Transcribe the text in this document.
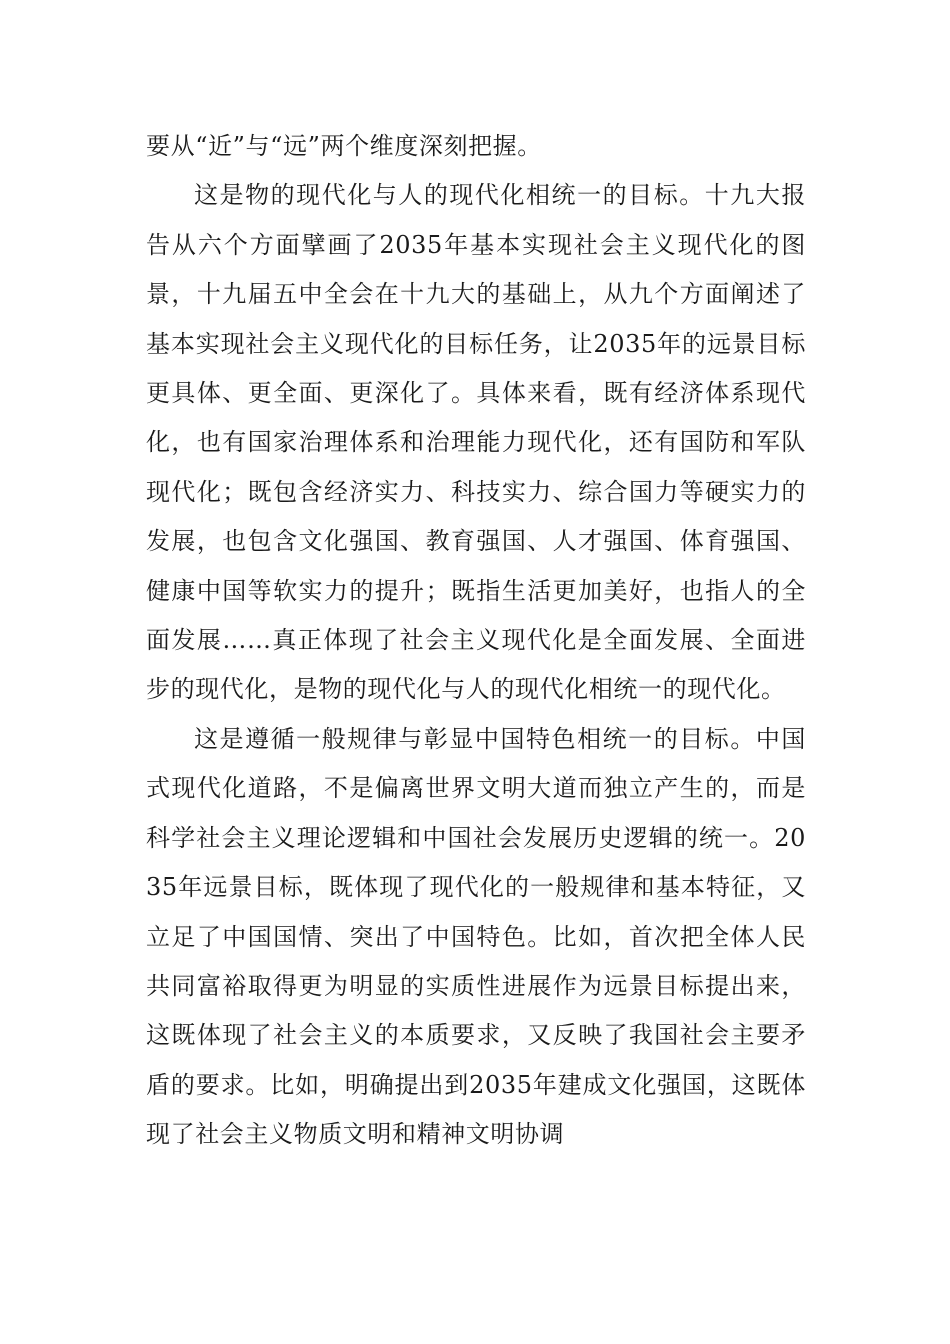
要从“近”与“远”两个维度深刻把握。

这是物的现代化与人的现代化相统一的目标。十九大报告从六个方面擘画了2035年基本实现社会主义现代化的图景，十九届五中全会在十九大的基础上，从九个方面阐述了基本实现社会主义现代化的目标任务，让2035年的远景目标更具体、更全面、更深化了。具体来看，既有经济体系现代化，也有国家治理体系和治理能力现代化，还有国防和军队现代化；既包含经济实力、科技实力、综合国力等硬实力的发展，也包含文化强国、教育强国、人才强国、体育强国、健康中国等软实力的提升；既指生活更加美好，也指人的全面发展……真正体现了社会主义现代化是全面发展、全面进步的现代化，是物的现代化与人的现代化相统一的现代化。

这是遵循一般规律与彰显中国特色相统一的目标。中国式现代化道路，不是偏离世界文明大道而独立产生的，而是科学社会主义理论逻辑和中国社会发展历史逻辑的统一。2035年远景目标，既体现了现代化的一般规律和基本特征，又立足了中国国情、突出了中国特色。比如，首次把全体人民共同富裕取得更为明显的实质性进展作为远景目标提出来，这既体现了社会主义的本质要求，又反映了我国社会主要矛盾的要求。比如，明确提出到2035年建成文化强国，这既体现了社会主义物质文明和精神文明协调
